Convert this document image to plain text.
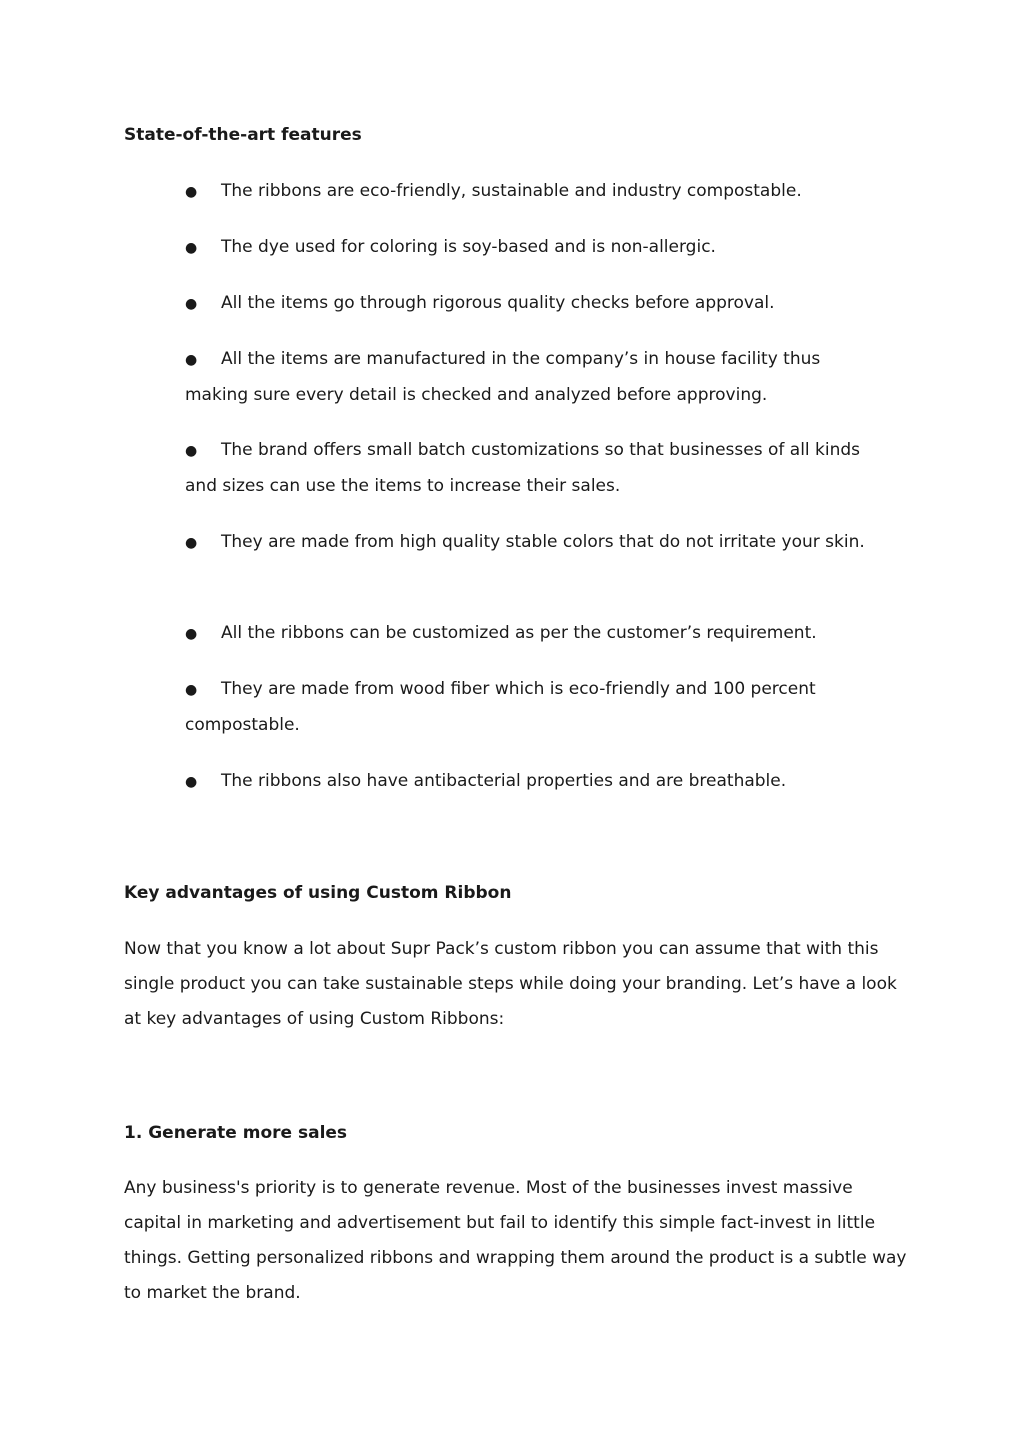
State-of-the-art features

● The ribbons are eco-friendly, sustainable and industry compostable.

● The dye used for coloring is soy-based and is non-allergic.

● All the items go through rigorous quality checks before approval.

● All the items are manufactured in the company’s in house facility thus making sure every detail is checked and analyzed before approving.

● The brand offers small batch customizations so that businesses of all kinds and sizes can use the items to increase their sales.

● They are made from high quality stable colors that do not irritate your skin.

● All the ribbons can be customized as per the customer’s requirement.

● They are made from wood fiber which is eco-friendly and 100 percent compostable.

● The ribbons also have antibacterial properties and are breathable.

Key advantages of using Custom Ribbon

Now that you know a lot about Supr Pack’s custom ribbon you can assume that with this single product you can take sustainable steps while doing your branding. Let’s have a look at key advantages of using Custom Ribbons:

1. Generate more sales

Any business's priority is to generate revenue. Most of the businesses invest massive capital in marketing and advertisement but fail to identify this simple fact-invest in little things. Getting personalized ribbons and wrapping them around the product is a subtle way to market the brand.
